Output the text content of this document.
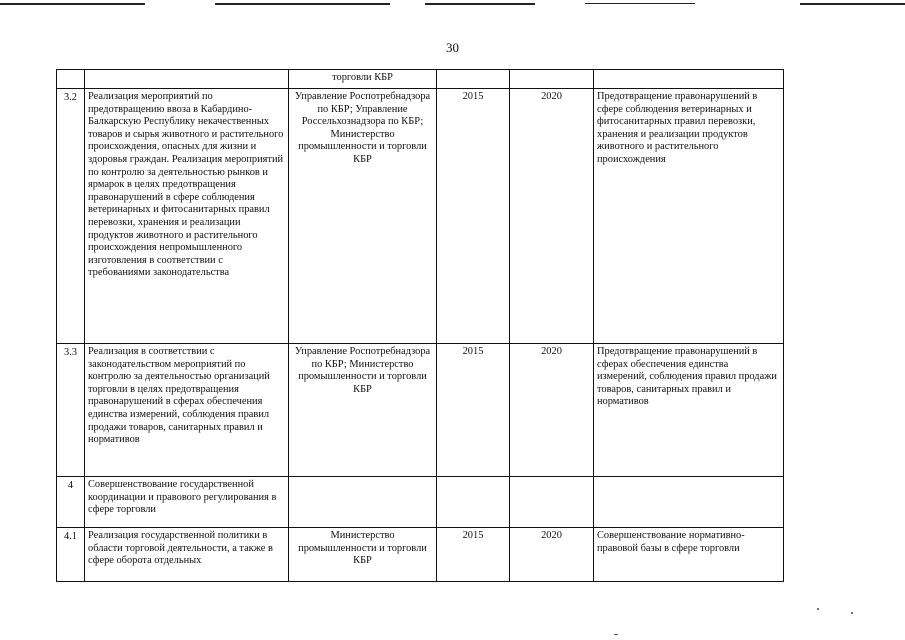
30
		торговли КБР			
3.2	Реализация мероприятий по предотвращению ввоза в Кабардино-Балкарскую Республику некачественных товаров и сырья животного и растительного происхождения, опасных для жизни и здоровья граждан. Реализация мероприятий по контролю за деятельностью рынков и ярмарок в целях предотвращения правонарушений в сфере соблюдения ветеринарных и фитосанитарных правил перевозки, хранения и реализации продуктов животного и растительного происхождения непромышленного изготовления в соответствии с требованиями законодательства	Управление Роспотребнадзора по КБР; Управление Россельхознадзора по КБР; Министерство промышленности и торговли КБР	2015	2020	Предотвращение правонарушений в сфере соблюдения ветеринарных и фитосанитарных правил перевозки, хранения и реализации продуктов животного и растительного происхождения
3.3	Реализация в соответствии с законодательством мероприятий по контролю за деятельностью организаций торговли в целях предотвращения правонарушений в сферах обеспечения единства измерений, соблюдения правил продажи товаров, санитарных правил и нормативов	Управление Роспотребнадзора по КБР; Министерство промышленности и торговли КБР	2015	2020	Предотвращение правонарушений в сферах обеспечения единства измерений, соблюдения правил продажи товаров, санитарных правил и нормативов
4	Совершенствование государственной координации и правового регулирования в сфере торговли				
4.1	Реализация государственной политики в области торговой деятельности, а также в сфере оборота отдельных	Министерство промышленности и торговли КБР	2015	2020	Совершенствование нормативно-правовой базы в сфере торговли
